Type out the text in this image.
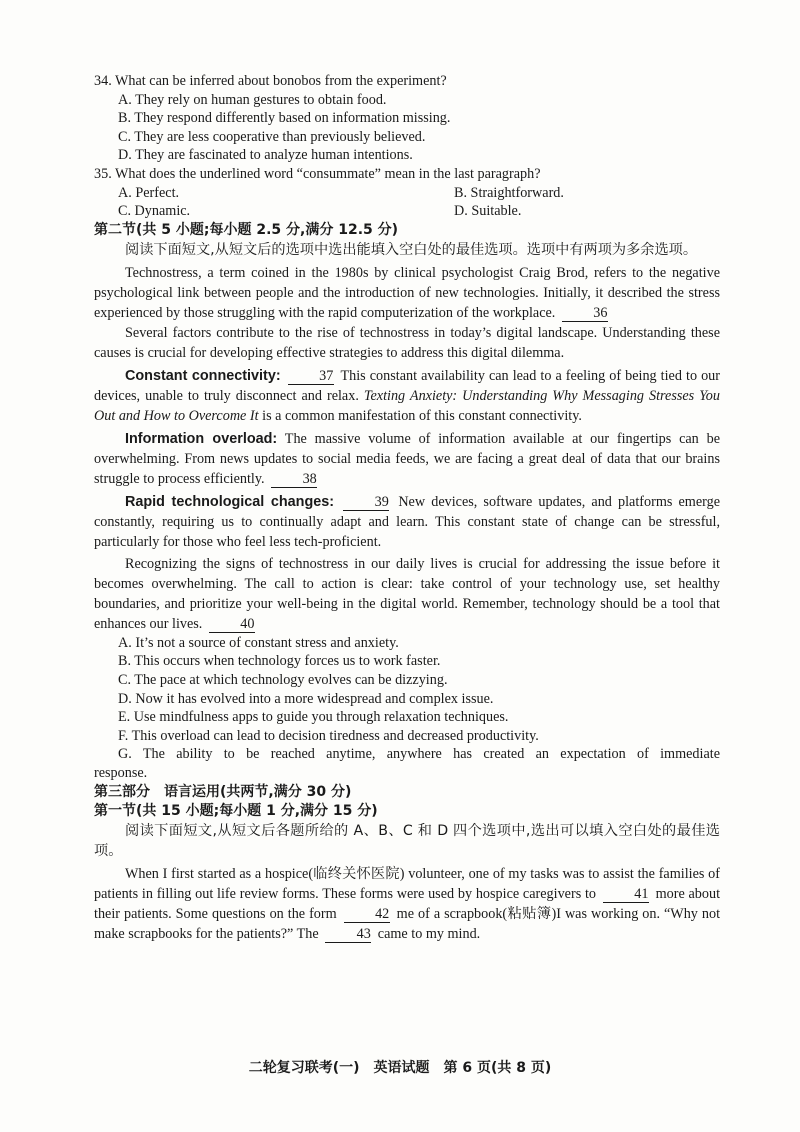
34. What can be inferred about bonobos from the experiment?
A. They rely on human gestures to obtain food.
B. They respond differently based on information missing.
C. They are less cooperative than previously believed.
D. They are fascinated to analyze human intentions.
35. What does the underlined word “consummate” mean in the last paragraph?
A. Perfect.	B. Straightforward.
C. Dynamic.	D. Suitable.
第二节(共 5 小题;每小题 2.5 分,满分 12.5 分)

阅读下面短文,从短文后的选项中选出能填入空白处的最佳选项。选项中有两项为多余选项。

Technostress, a term coined in the 1980s by clinical psychologist Craig Brod, refers to the negative psychological link between people and the introduction of new technologies. Initially, it described the stress experienced by those struggling with the rapid computerization of the workplace.	36

Several factors contribute to the rise of technostress in today’s digital landscape. Understanding these causes is crucial for developing effective strategies to address this digital dilemma.

Constant connectivity:	37 This constant availability can lead to a feeling of being tied to our devices, unable to truly disconnect and relax. Texting Anxiety: Understanding Why Messaging Stresses You Out and How to Overcome It is a common manifestation of this constant connectivity.

Information overload: The massive volume of information available at our fingertips can be overwhelming. From news updates to social media feeds, we are facing a great deal of data that our brains struggle to process efficiently.	38

Rapid technological changes:	39 New devices, software updates, and platforms emerge constantly, requiring us to continually adapt and learn. This constant state of change can be stressful, particularly for those who feel less tech-proficient.

Recognizing the signs of technostress in our daily lives is crucial for addressing the issue before it becomes overwhelming. The call to action is clear: take control of your technology use, set healthy boundaries, and prioritize your well-being in the digital world. Remember, technology should be a tool that enhances our lives.	40

A. It’s not a source of constant stress and anxiety.
B. This occurs when technology forces us to work faster.
C. The pace at which technology evolves can be dizzying.
D. Now it has evolved into a more widespread and complex issue.
E. Use mindfulness apps to guide you through relaxation techniques.
F. This overload can lead to decision tiredness and decreased productivity.
G. The ability to be reached anytime, anywhere has created an expectation of immediate
response.
第三部分　语言运用(共两节,满分 30 分)
第一节(共 15 小题;每小题 1 分,满分 15 分)

阅读下面短文,从短文后各题所给的 A、B、C 和 D 四个选项中,选出可以填入空白处的最佳选项。

When I first started as a hospice(临终关怀医院) volunteer, one of my tasks was to assist the families of patients in filling out life review forms. These forms were used by hospice caregivers to	41 more about their patients. Some questions on the form	42 me of a scrapbook(粘贴簿)I was working on. “Why not make scrapbooks for the patients?” The	43 came to my mind.

二轮复习联考(一)　英语试题　第 6 页(共 8 页)
